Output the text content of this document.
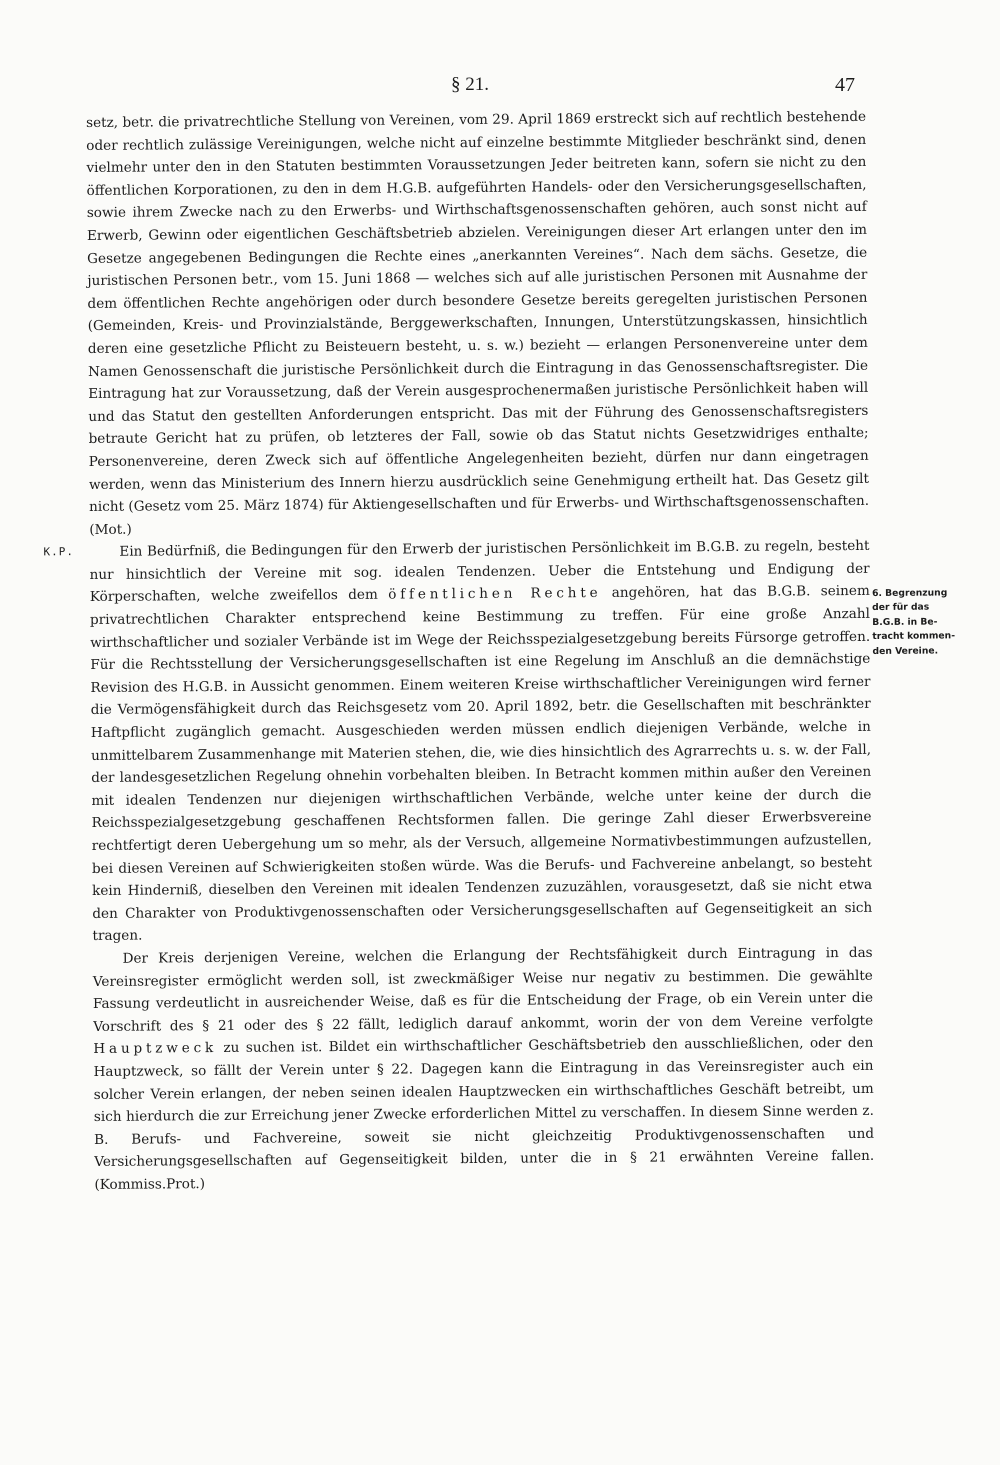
§ 21.	47

setz, betr. die privatrechtliche Stellung von Vereinen, vom 29. April 1869 erstreckt sich auf rechtlich bestehende oder rechtlich zulässige Vereinigungen, welche nicht auf einzelne bestimmte Mitglieder beschränkt sind, denen vielmehr unter den in den Statuten bestimmten Voraussetzungen Jeder beitreten kann, sofern sie nicht zu den öffentlichen Korporationen, zu den in dem H.G.B. aufgeführten Handels- oder den Versicherungsgesellschaften, sowie ihrem Zwecke nach zu den Erwerbs- und Wirthschaftsgenossenschaften gehören, auch sonst nicht auf Erwerb, Gewinn oder eigentlichen Geschäftsbetrieb abzielen. Vereinigungen dieser Art erlangen unter den im Gesetze angegebenen Bedingungen die Rechte eines „anerkannten Vereines“. Nach dem sächs. Gesetze, die juristischen Personen betr., vom 15. Juni 1868 — welches sich auf alle juristischen Personen mit Ausnahme der dem öffentlichen Rechte angehörigen oder durch besondere Gesetze bereits geregelten juristischen Personen (Gemeinden, Kreis- und Provinzialstände, Berggewerkschaften, Innungen, Unterstützungskassen, hinsichtlich deren eine gesetzliche Pflicht zu Beisteuern besteht, u. s. w.) bezieht — erlangen Personenvereine unter dem Namen Genossenschaft die juristische Persönlichkeit durch die Eintragung in das Genossenschaftsregister. Die Eintragung hat zur Voraussetzung, daß der Verein ausgesprochenermaßen juristische Persönlichkeit haben will und das Statut den gestellten Anforderungen entspricht. Das mit der Führung des Genossenschaftsregisters betraute Gericht hat zu prüfen, ob letzteres der Fall, sowie ob das Statut nichts Gesetzwidriges enthalte; Personenvereine, deren Zweck sich auf öffentliche Angelegenheiten bezieht, dürfen nur dann eingetragen werden, wenn das Ministerium des Innern hierzu ausdrücklich seine Genehmigung ertheilt hat. Das Gesetz gilt nicht (Gesetz vom 25. März 1874) für Aktiengesellschaften und für Erwerbs- und Wirthschaftsgenossenschaften. (Mot.)

K.P.	Ein Bedürfniß, die Bedingungen für den Erwerb der juristischen Persönlichkeit im B.G.B. zu regeln, besteht nur hinsichtlich der Vereine mit sog. idealen Tendenzen. Ueber die Entstehung und Endigung der Körperschaften, welche zweifellos dem öffentlichen Rechte angehören, hat das B.G.B. seinem privatrechtlichen Charakter entsprechend keine Bestimmung zu treffen. Für eine große Anzahl wirthschaftlicher und sozialer Verbände ist im Wege der Reichsspezialgesetzgebung bereits Fürsorge getroffen. Für die Rechtsstellung der Versicherungsgesellschaften ist eine Regelung im Anschluß an die demnächstige Revision des H.G.B. in Aussicht genommen. Einem weiteren Kreise wirthschaftlicher Vereinigungen wird ferner die Vermögensfähigkeit durch das Reichsgesetz vom 20. April 1892, betr. die Gesellschaften mit beschränkter Haftpflicht zugänglich gemacht. Ausgeschieden werden müssen endlich diejenigen Verbände, welche in unmittelbarem Zusammenhange mit Materien stehen, die, wie dies hinsichtlich des Agrarrechts u. s. w. der Fall, der landesgesetzlichen Regelung ohnehin vorbehalten bleiben. In Betracht kommen mithin außer den Vereinen mit idealen Tendenzen nur diejenigen wirthschaftlichen Verbände, welche unter keine der durch die Reichsspezialgesetzgebung geschaffenen Rechtsformen fallen. Die geringe Zahl dieser Erwerbsvereine rechtfertigt deren Uebergehung um so mehr, als der Versuch, allgemeine Normativbestimmungen aufzustellen, bei diesen Vereinen auf Schwierigkeiten stoßen würde. Was die Berufs- und Fachvereine anbelangt, so besteht kein Hinderniß, dieselben den Vereinen mit idealen Tendenzen zuzuzählen, vorausgesetzt, daß sie nicht etwa den Charakter von Produktivgenossenschaften oder Versicherungsgesellschaften auf Gegenseitigkeit an sich tragen.

Der Kreis derjenigen Vereine, welchen die Erlangung der Rechtsfähigkeit durch Eintragung in das Vereinsregister ermöglicht werden soll, ist zweckmäßiger Weise nur negativ zu bestimmen. Die gewählte Fassung verdeutlicht in ausreichender Weise, daß es für die Entscheidung der Frage, ob ein Verein unter die Vorschrift des § 21 oder des § 22 fällt, lediglich darauf ankommt, worin der von dem Vereine verfolgte Hauptzweck zu suchen ist. Bildet ein wirthschaftlicher Geschäftsbetrieb den ausschließlichen, oder den Hauptzweck, so fällt der Verein unter § 22. Dagegen kann die Eintragung in das Vereinsregister auch ein solcher Verein erlangen, der neben seinen idealen Hauptzwecken ein wirthschaftliches Geschäft betreibt, um sich hierdurch die zur Erreichung jener Zwecke erforderlichen Mittel zu verschaffen. In diesem Sinne werden z. B. Berufs- und Fachvereine, soweit sie nicht gleichzeitig Produktivgenossenschaften und Versicherungsgesellschaften auf Gegenseitigkeit bilden, unter die in § 21 erwähnten Vereine fallen. (Kommiss.Prot.)

6. Begrenzung
der für das
B.G.B. in Be-
tracht kommen-
den Vereine.
